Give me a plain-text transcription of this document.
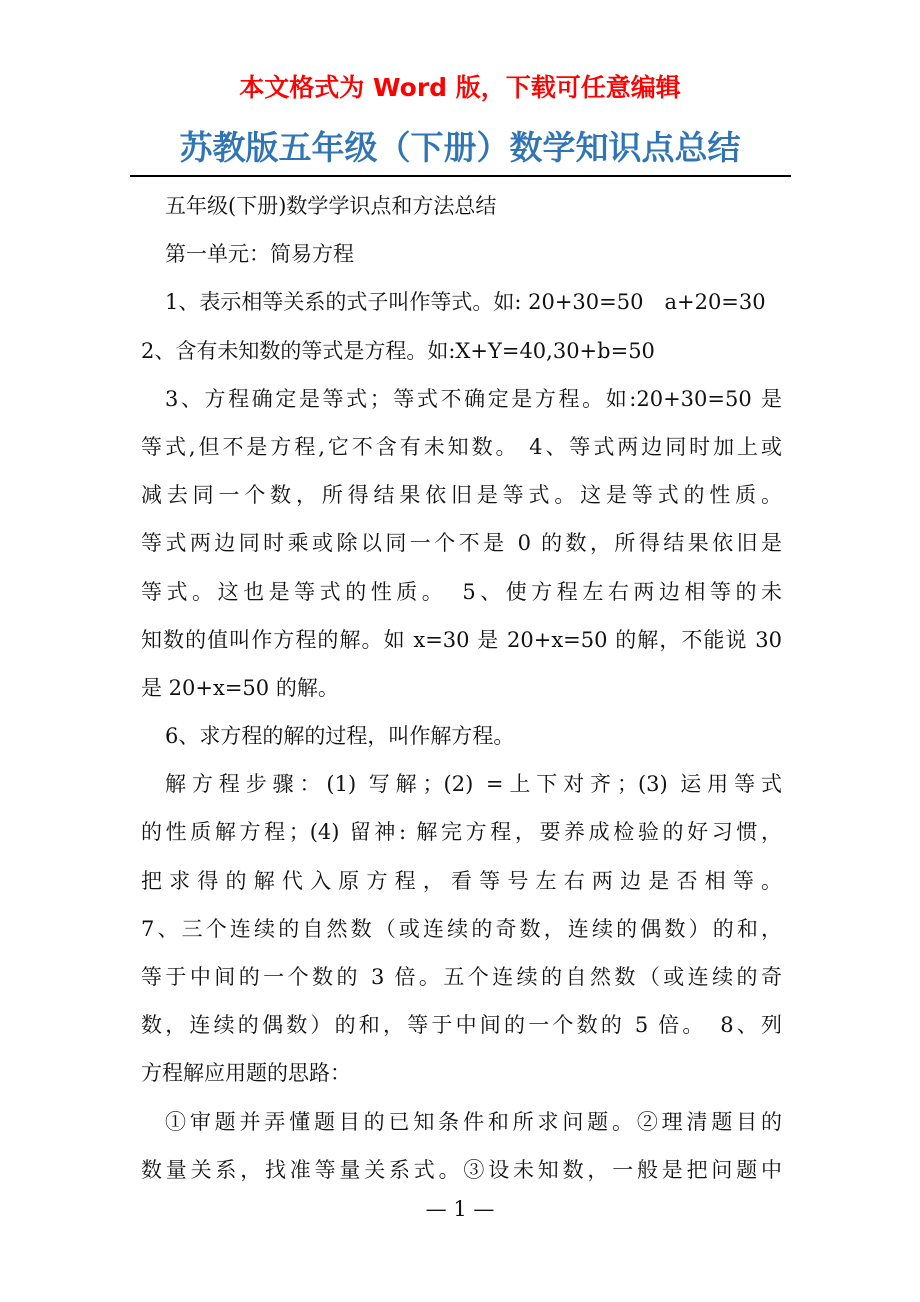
本文格式为 Word 版，下载可任意编辑
苏教版五年级（下册）数学知识点总结
五年级(下册)数学学识点和方法总结
第一单元：简易方程
1、表示相等关系的式子叫作等式。如: 20+30=50　a+20=30
2、含有未知数的等式是方程。如:X+Y=40,30+b=50
3、方程确定是等式；等式不确定是方程。如:20+30=50 是
等式,但不是方程,它不含有未知数。 4、等式两边同时加上或
减去同一个数，所得结果依旧是等式。这是等式的性质。
等式两边同时乘或除以同一个不是 0 的数，所得结果依旧是
等式。这也是等式的性质。　5、使方程左右两边相等的未
知数的值叫作方程的解。如 x=30 是 20+x=50 的解，不能说 30
是 20+x=50 的解。
6、求方程的解的过程，叫作解方程。
解方程步骤：(1) 写解；(2) =上下对齐；(3) 运用等式
的性质解方程；(4) 留神: 解完方程，要养成检验的好习惯，
把求得的解代入原方程，看等号左右两边是否相等。
7、三个连续的自然数（或连续的奇数，连续的偶数）的和，
等于中间的一个数的 3 倍。五个连续的自然数（或连续的奇
数，连续的偶数）的和，等于中间的一个数的 5 倍。　8、列
方程解应用题的思路：
①审题并弄懂题目的已知条件和所求问题。②理清题目的
数量关系，找准等量关系式。③设未知数，一般是把问题中
— 1 —
